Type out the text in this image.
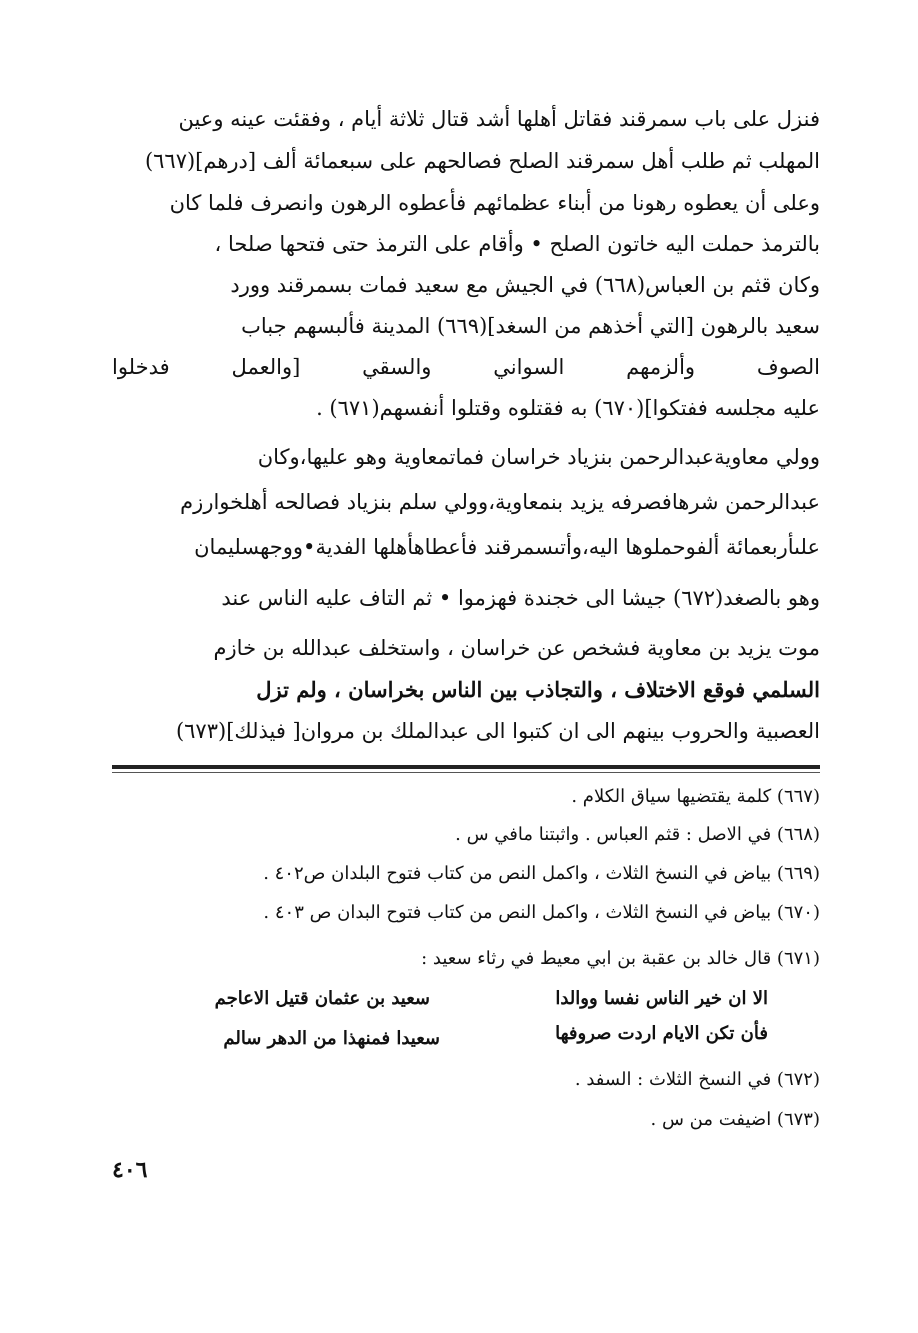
فنزل على باب سمرقند فقاتل أهلها أشد قتال ثلاثة أيام ، وفقئت عينه وعين
المهلب ثم طلب أهل سمرقند الصلح فصالحهم على سبعمائة ألف [درهم](٦٦٧)
وعلى أن يعطوه رهونا من أبناء عظمائهم فأعطوه الرهون وانصرف فلما كان
بالترمذ حملت اليه خاتون الصلح • وأقام على الترمذ حتى فتحها صلحا ،
وكان قثم بن العباس(٦٦٨) في الجيش مع سعيد فمات بسمرقند وورد
سعيد بالرهون [التي أخذهم من السغد](٦٦٩) المدينة فألبسهم جباب
الصوف وألزمهم السواني والسقي [والعمل فدخلوا
عليه مجلسه ففتكوا](٦٧٠) به فقتلوه وقتلوا أنفسهم(٦٧١) .
وولي معاويةعبدالرحمن بنزياد خراسان فماتمعاوية وهو عليها،وكان
عبدالرحمن شرهافصرفه يزيد بنمعاوية،وولي سلم بنزياد فصالحه أهلخوارزم
علىأربعمائة ألفوحملوها اليه،وأتىسمرقند فأعطاهأهلها الفدية•ووجهسليمان
وهو بالصغد(٦٧٢) جيشا الى خجندة فهزموا • ثم التاف عليه الناس عند
موت يزيد بن معاوية فشخص عن خراسان ، واستخلف عبدالله بن خازم
السلمي فوقع الاختلاف ، والتجاذب بين الناس بخراسان ، ولم تزل
العصبية والحروب بينهم الى ان كتبوا الى عبدالملك بن مروان[ فيذلك](٦٧٣)
(٦٦٧) كلمة يقتضيها سياق الكلام .
(٦٦٨) في الاصل : قثم العباس . واثبتنا مافي س .
(٦٦٩) بياض في النسخ الثلاث ، واكمل النص من كتاب فتوح البلدان ص٤٠٢ .
(٦٧٠) بياض في النسخ الثلاث ، واكمل النص من كتاب فتوح البدان ص ٤٠٣ .
(٦٧١) قال خالد بن عقبة بن ابي معيط في رثاء سعيد :
الا ان خير الناس نفسا ووالدا
سعيد بن عثمان قتيل الاعاجم
فأن تكن الايام اردت صروفها
سعيدا فمنهذا من الدهر سالم
(٦٧٢) في النسخ الثلاث : السفد .
(٦٧٣) اضيفت من س .
٤٠٦
